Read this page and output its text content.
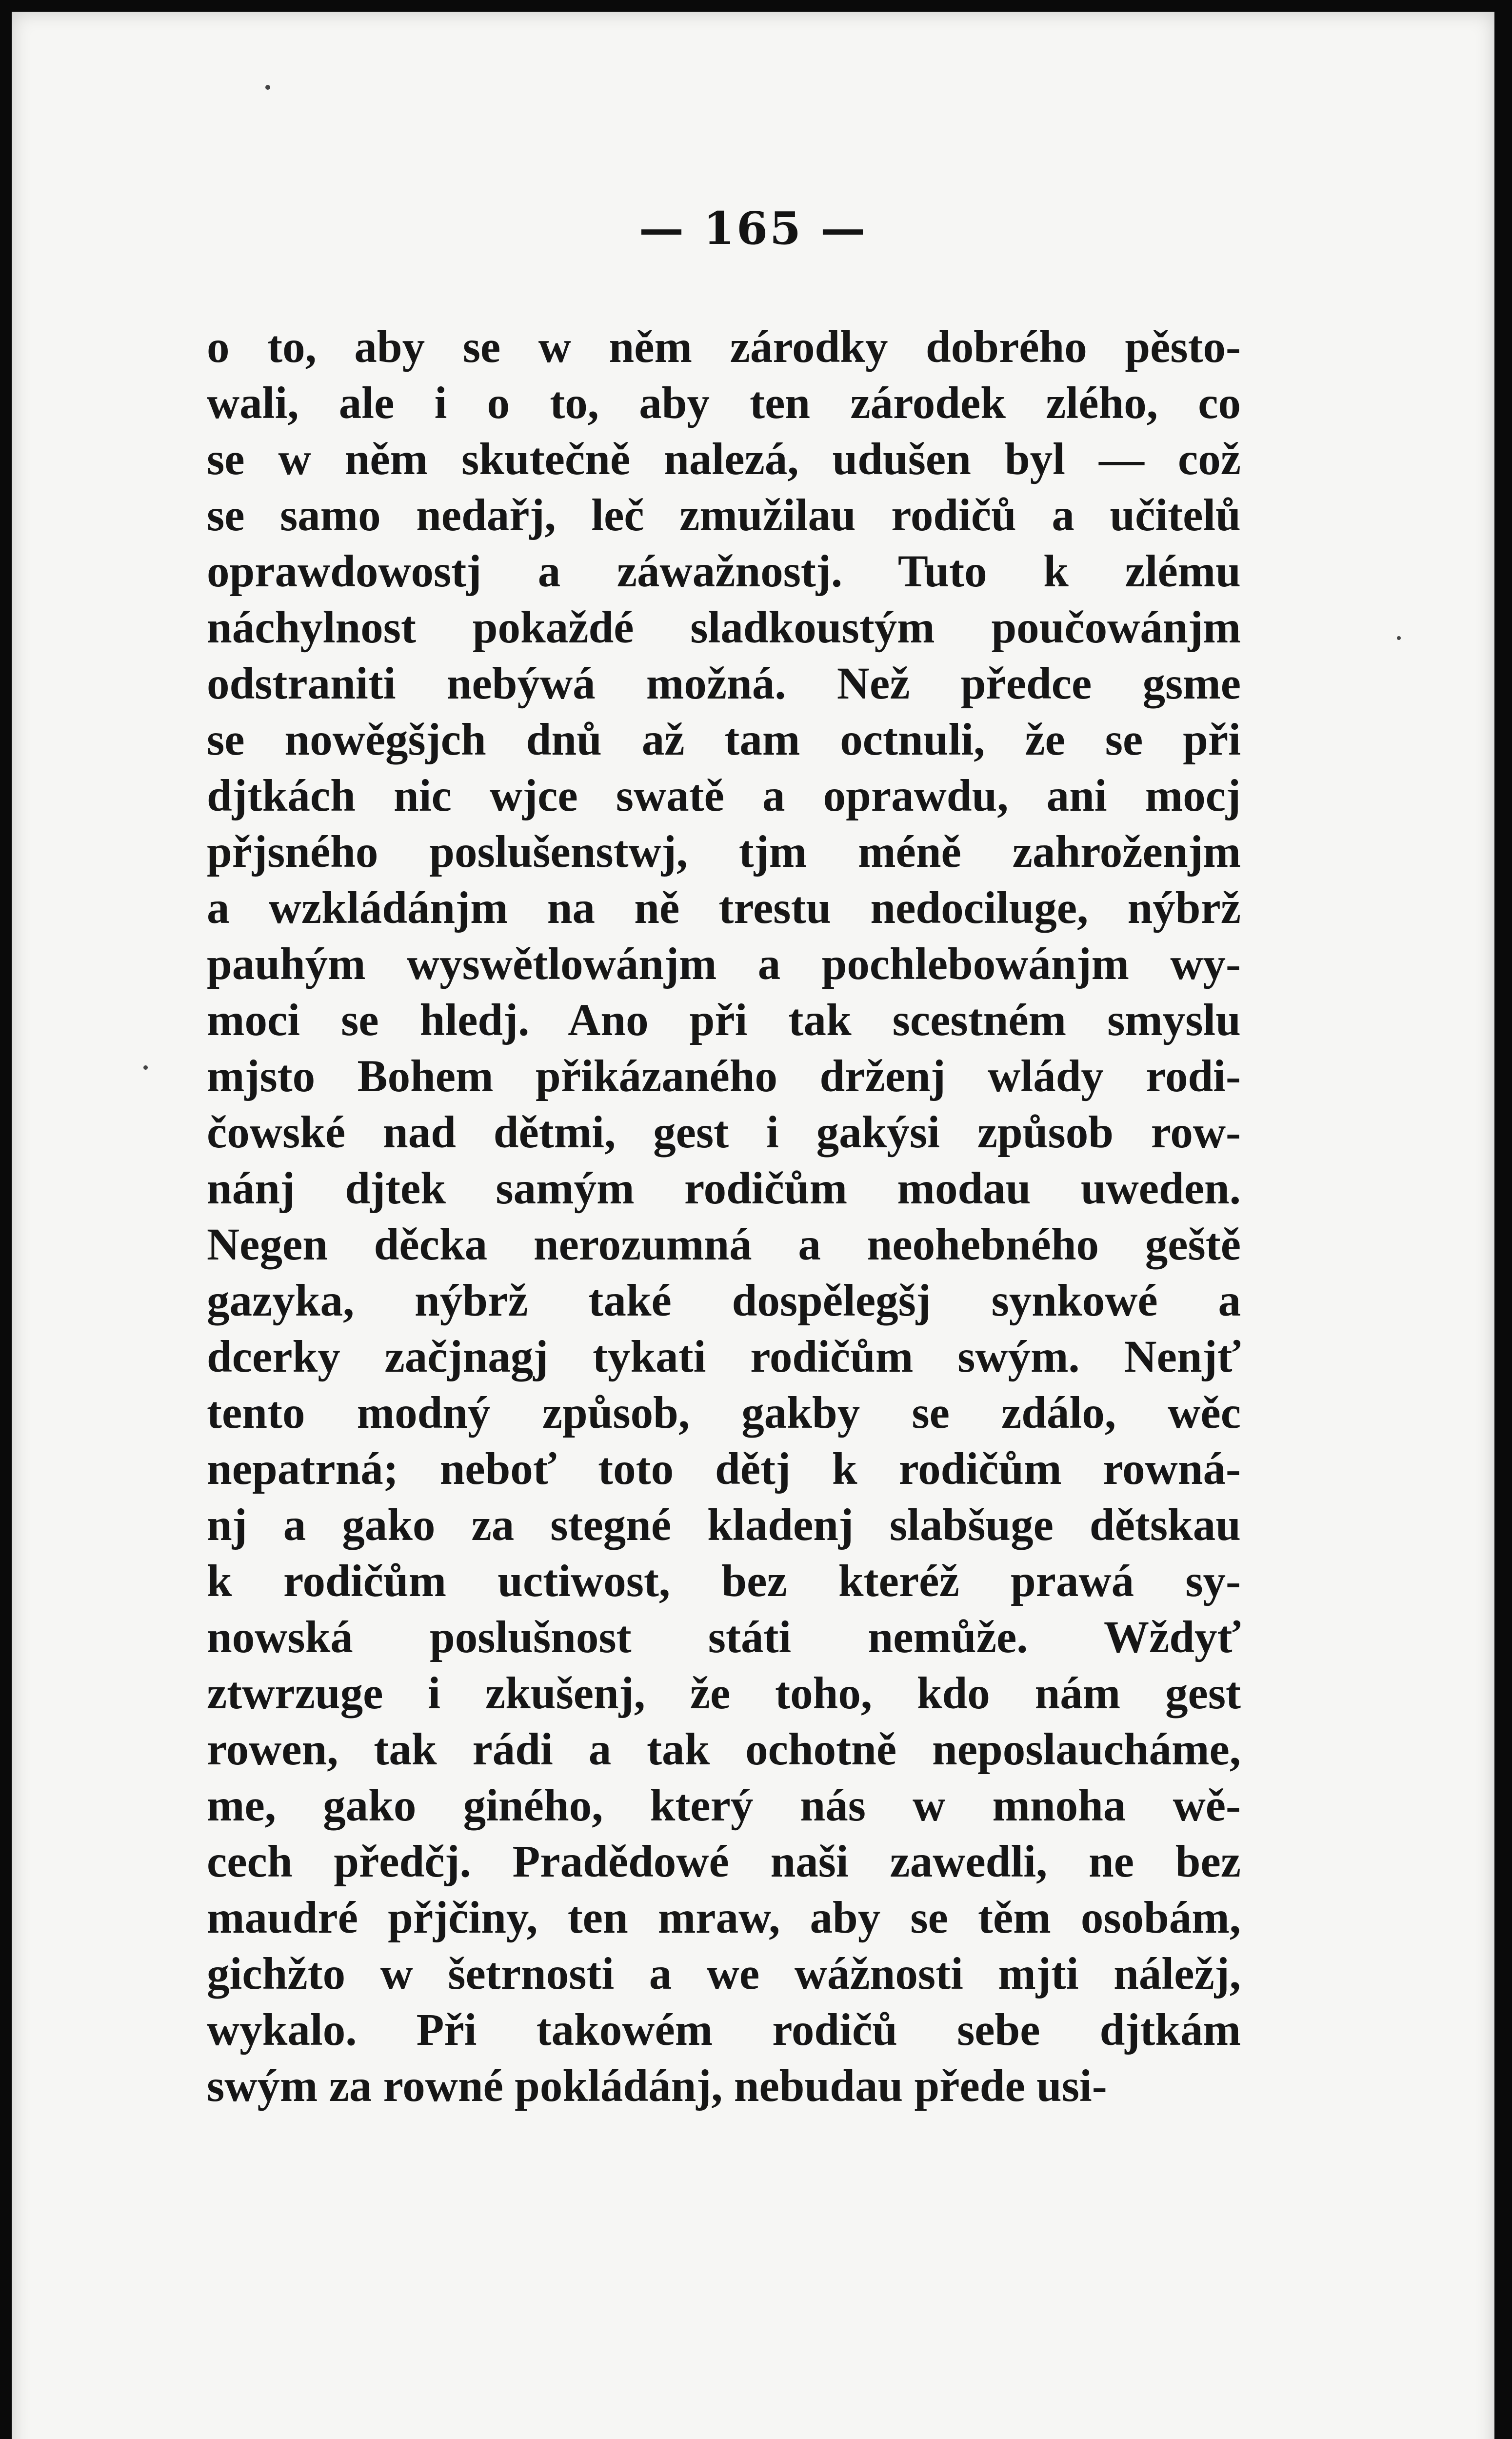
— 165 —
o to, aby se w něm zárodky dobrého pěsto-
wali, ale i o to, aby ten zárodek zlého, co
se w něm skutečně nalezá, udušen byl — což
se samo nedařj, leč zmužilau rodičů a učitelů
oprawdowostj a záwažnostj. Tuto k zlému
náchylnost pokaždé sladkoustým poučowánjm
odstraniti nebýwá možná. Než předce gsme
se nowěgšjch dnů až tam octnuli, že se při
djtkách nic wjce swatě a oprawdu, ani mocj
přjsného poslušenstwj, tjm méně zahroženjm
a wzkládánjm na ně trestu nedociluge, nýbrž
pauhým wyswětlowánjm a pochlebowánjm wy-
moci se hledj. Ano při tak scestném smyslu
mjsto Bohem přikázaného drženj wlády rodi-
čowské nad dětmi, gest i gakýsi způsob row-
nánj djtek samým rodičům modau uweden.
Negen děcka nerozumná a neohebného geště
gazyka, nýbrž také dospělegšj synkowé a
dcerky začjnagj tykati rodičům swým. Nenjť
tento modný způsob, gakby se zdálo, wěc
nepatrná; neboť toto dětj k rodičům rowná-
nj a gako za stegné kladenj slabšuge dětskau
k rodičům uctiwost, bez kteréž prawá sy-
nowská poslušnost státi nemůže. Wždyť
ztwrzuge i zkušenj, že toho, kdo nám gest
rowen, tak rádi a tak ochotně neposlaucháme,
me, gako giného, který nás w mnoha wě-
cech předčj. Pradědowé naši zawedli, ne bez
maudré přjčiny, ten mraw, aby se těm osobám,
gichžto w šetrnosti a we wážnosti mjti náležj,
wykalo. Při takowém rodičů sebe djtkám
swým za rowné pokládánj, nebudau přede usi-
